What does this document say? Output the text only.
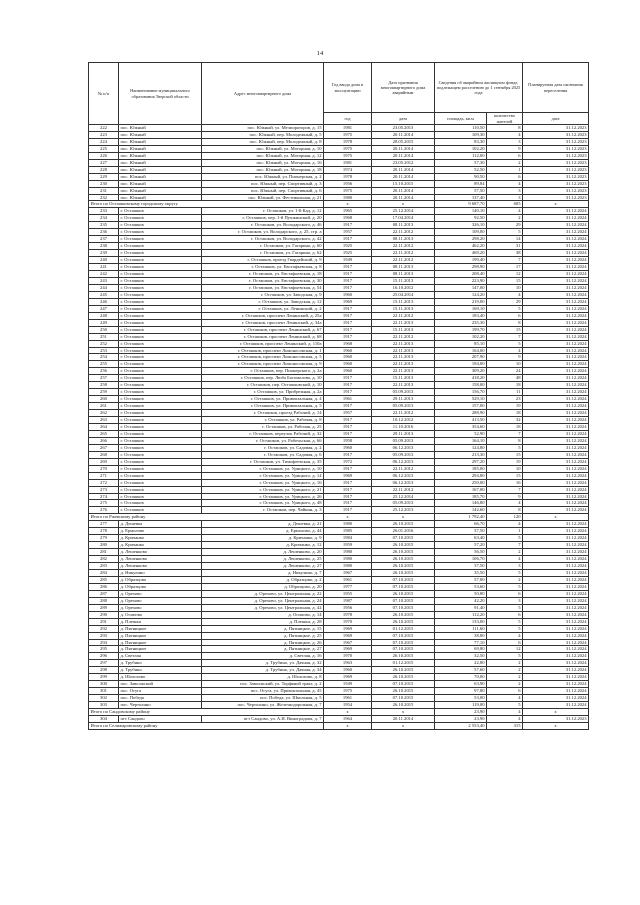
14
№ п/п	Наименование муниципального образования Тверской области	Адрес многоквартирного дома	Год ввода дома в эксплуатацию	Дата признания многоквартирного дома аварийным	Сведения об аварийном жилищном фонде, подлежащем расселению до 1 сентября 2025 года		Планируемая дата окончания переселения
			год	дата	площадь, кв.м	количество жителей	дата
222	пос. Южный	пос. Южный, ул. Мелиораторов, д. 15	1981	23.05.2013	110,50	8	31.12.2023
223	пос. Южный	пос. Южный, пер. Молодежный, д. 5	1975	20.11.2014	109,30	4	31.12.2023
224	пос. Южный	пос. Южный, пер. Молодежный, д. 8	1978	28.05.2015	83,30	3	31.12.2023
225	пос. Южный	пос. Южный, ул. Моторная, д. 10	1975	20.11.2014	102,20	9	31.12.2023
226	пос. Южный	пос. Южный, ул. Моторная, д. 12	1975	20.11.2014	112,00	6	31.12.2023
227	пос. Южный	пос. Южный, ул. Моторная, д. 16	1981	23.05.2012	57,30	2	31.12.2023
228	пос. Южный	пос. Южный, ул. Моторная, д. 18	1974	20.11.2014	52,50	1	31.12.2023
229	пос. Южный	пос. Южный, ул. Пионерская, д. 2	1978	20.11.2014	90,50	6	31.12.2023
230	пос. Южный	пос. Южный, пер. Спортивный, д. 3	1956	15.10.2015	89,84	4	31.12.2023
231	пос. Южный	пос. Южный, пер. Спортивный, д. 6	1975	20.11.2014	57,50	3	31.12.2023
232	пос. Южный	пос. Южный, ул. Фестивальная, д. 21	1980	20.11.2014	137,40	3	31.12.2023
Итого по Осташковскому городскому округу			x	x	9 687,70	605	x
233	г. Осташков	г. Осташков, ул. 1-й Кад, д. 12	1965	25.12.2014	140,10	4	31.12.2024
234	г. Осташков	г. Осташков, пер. 1-й Пушкинский, д. 20	1968	17.04.2014	92,50	2	31.12.2024
235	г. Осташков	г. Осташков, ул. Володарского, д. 46	1917	08.11.2013	326,10	29	31.12.2024
236	г. Осташков	г. Осташков, ул. Володарского, д. 25, стр. а	1957	22.11.2012	109,00	5	31.12.2024
237	г. Осташков	г. Осташков, ул. Володарского, д. 42	1917	08.11.2013	298,20	14	31.12.2024
238	г. Осташков	г. Осташков, ул. Гагарина, д. 60	1925	22.11.2012	462,20	31	31.12.2024
239	г. Осташков	г. Осташков, ул. Гагарина, д. 62	1925	22.11.2012	469,20	38	31.12.2024
240	г. Осташков	г. Осташков, проезд Гвардейский, д. 9	1949	22.11.2012	199,40	7	31.12.2024
241	г. Осташков	г. Осташков, ул. Евстафьевская, д. 8	1917	08.11.2013	298,90	17	31.12.2024
242	г. Осташков	г. Осташков, ул. Евстафьевская, д. 18	1917	08.11.2013	208,40	12	31.12.2024
243	г. Осташков	г. Осташков, ул. Евстафьевская, д. 30	1917	15.11.2013	223,90	15	31.12.2024
244	г. Осташков	г. Осташков, ул. Евстафьевская, д. 54	1917	16.10.2012	147,00	10	31.12.2024
245	г. Осташков	г. Осташков, ул. Заводская, д. 9	1960	25.04.2014	124,20	4	31.12.2024
246	г. Осташков	г. Осташков, ул. Заводская, д. 12	1969	15.11.2013	219,00	29	31.12.2024
247	г. Осташков	г. Осташков, ул. Ленинский, д. 2	1917	15.11.2013	169,10	5	31.12.2024
248	г. Осташков	г. Осташков, проспект Ленинский, д. 25а	1917	22.11.2012	183,40	6	31.12.2024
249	г. Осташков	г. Осташков, проспект Ленинский, д. 34а	1917	22.11.2013	235,30	8	31.12.2024
250	г. Осташков	г. Осташков, проспект Ленинский, д. 67	1917	15.11.2013	199,70	15	31.12.2024
251	г. Осташков	г. Осташков, проспект Ленинский, д. 68	1917	22.11.2012	102,20	7	31.12.2024
252	г. Осташков	г. Осташков, проспект Ленинский, д. 110а	1968	22.11.2013	85,10	5	31.12.2024
253	г. Осташков	г. Осташков, проспект Ломоносовская, д. 1	1960	22.11.2013	164,00	4	31.12.2024
254	г. Осташков	г. Осташков, проспект Ломоносовская, д. 5	1960	22.11.2013	207,90	9	31.12.2024
255	г. Осташков	г. Осташков, проспект Ломоносовская, д. 9	1960	22.11.2013	194,00	10	31.12.2024
256	г. Осташков	г. Осташков, пер. Пионерского, д. 2а	1960	22.11.2013	309,20	24	31.12.2024
257	г. Осташков	г. Осташков, пер. Люба Богомолова, д. 10	1917	15.11.2013	418,20	48	31.12.2024
258	г. Осташков	г. Осташков, пер. Осташковский, д. 10	1917	22.11.2013	158,00	18	31.12.2024
259	г. Осташков	г. Осташков, ул. Прибрежная, д. 2а	1917	05.09.2013	156,70	11	31.12.2024
260	г. Осташков	г. Осташков, ул. Привокзальная, д. 4	1961	29.11.2013	529,10	23	31.12.2024
261	г. Осташков	г. Осташков, ул. Привокзальная, д. 5	1917	05.09.2013	157,00	19	31.12.2024
262	г. Осташков	г. Осташков, проезд Рабочий, д. 14	1957	22.11.2012	288,90	18	31.12.2024
263	г. Осташков	г. Осташков, ул. Рабочая, д. 8	1917	10.12.2012	413,50	32	31.12.2024
264	г. Осташков	г. Осташков, ул. Рабочая, д. 25	1917	11.10.2016	354,60	18	31.12.2024
265	г. Осташков	г. Осташков, переулок Рабочий, д. 32	1917	29.11.2013	52,90	7	31.12.2024
266	г. Осташков	г. Осташков, ул. Рабочьская, д. 66	1958	05.09.2013	164,10	8	31.12.2024
267	г. Осташков	г. Осташков, ул. Садовая, д. 2	1960	06.12.2013	124,80	5	31.12.2024
268	г. Осташков	г. Осташков, ул. Садовая, д. 6	1917	05.09.2013	213,30	15	31.12.2024
269	г. Осташков	г. Осташков, ул. Тимофеевская, д. 35	1972	06.12.2013	297,20	19	31.12.2024
270	г. Осташков	г. Осташков, ул. Урицкого, д. 10	1917	22.11.2012	185,00	10	31.12.2024
271	г. Осташков	г. Осташков, ул. Урицкого, д. 14	1969	06.12.2013	294,80	15	31.12.2024
272	г. Осташков	г. Осташков, ул. Урицкого, д. 16	1917	06.12.2013	250,00	16	31.12.2024
273	г. Осташков	г. Осташков, ул. Урицкого, д. 21	1917	22.11.2012	167,00	7	31.12.2024
274	г. Осташков	г. Осташков, ул. Урицкого, д. 26	1917	25.12.2014	185,70	9	31.12.2024
275	г. Осташков	г. Осташков, ул. Урицкого, д. 48	1917	05.09.2013	146,80	4	31.12.2024
276	г. Осташков	г. Осташков, пер. Чайкин, д. 3	1917	25.12.2013	142,60	8	31.12.2024
Итого по Ржевскому району			x	x	1 792,40	120	x
277	д. Дешевка	д. Дешевка, д. 21	1980	26.10.2015	66,70	4	31.12.2024
278	д. Ермолово	д. Ермолово, д. 44	1985	26.01.2016	37,50	1	31.12.2024
279	д. Кричанко	д. Кричанко, д. 9	1984	07.10.2015	63,40	5	31.12.2024
280	д. Кричанко	д. Кричанко, д. 12	1959	26.10.2015	57,20	7	31.12.2024
281	д. Лешенково	д. Лешенково, д. 20	1980	26.10.2015	56,50	2	31.12.2024
282	д. Лешенково	д. Лешенково, д. 25	1980	26.10.2015	106,70	4	31.12.2024
283	д. Лешенково	д. Лешенково, д. 27	1980	26.10.2015	37,50	3	31.12.2024
284	д. Никулино	д. Никулино, д. 7	1967	26.10.2015	35,50	5	31.12.2024
285	д. Образцово	д. Образцово, д. 2	1961	07.10.2015	57,00	2	31.12.2024
286	д. Образцово	д. Образцово, д. 20	1977	07.10.2015	53,60	5	31.12.2024
287	д. Орехово	д. Орехово, ул. Центральная, д. 22	1955	26.10.2015	50,80	6	31.12.2024
288	д. Орехово	д. Орехово, ул. Центральная, д. 24	1987	07.10.2015	42,20	3	31.12.2024
289	д. Орехово	д. Орехово, ул. Центральная, д. 42	1956	07.10.2015	91,40	5	31.12.2024
290	д. Осипово	д. Осипово, д. 14	1978	26.10.2015	112,20	6	31.12.2024
291	д. Плешки	д. Плешки, д. 28	1970	26.10.2015	133,00	5	31.12.2024
292	д. Пятницкое	д. Пятницкое, д. 15	1969	01.12.2015	111,60	5	31.12.2024
293	д. Пятницкое	д. Пятницкое, д. 25	1969	07.10.2015	38,80	4	31.12.2024
294	д. Пятницкое	д. Пятницкое, д. 26	1967	07.10.2015	77,10	6	31.12.2024
295	д. Пятницкое	д. Пятницкое, д. 27	1969	07.10.2015	69,80	12	31.12.2024
296	д. Светлая	д. Светлая, д. 16	1970	26.10.2015	32,50	5	31.12.2024
297	д. Трубино	д. Трубино, ул. Дачная, д. 32	1963	01.12.2015	22,80	2	31.12.2024
298	д. Трубино	д. Трубино, ул. Дачная, д. 34	1960	26.10.2015	57,60	2	31.12.2024
299	д. Шолохово	д. Шолохово, д. 8	1969	26.10.2015	70,00	2	31.12.2024
300	пос. Заволжский	пос. Заволжский, ул. Торфяной тракт, д. 2	1949	07.10.2015	63,90	2	31.12.2024
301	пос. Осуга	пос. Осуга, ул. Привокзальная, д. 45	1975	26.10.2015	97,80	6	31.12.2024
302	пос. Победа	пос. Победа, ул. Школьная, д. 5	1961	07.10.2015	53,00	4	31.12.2024
303	пос. Чертолино	пос. Чертолино, ул. Железнодорожная, д. 7	1954	26.10.2015	119,00	5	31.12.2024
Итого по Сандовскому району			x	x	23,90	4	x
304	пгт Сандово	пгт Сандово, ул. А.И. Виноградова, д. 7	1964	20.11.2014	23,90	4	31.12.2023
Итого по Селижаровскому району			x	x	2 553,40	315	x
